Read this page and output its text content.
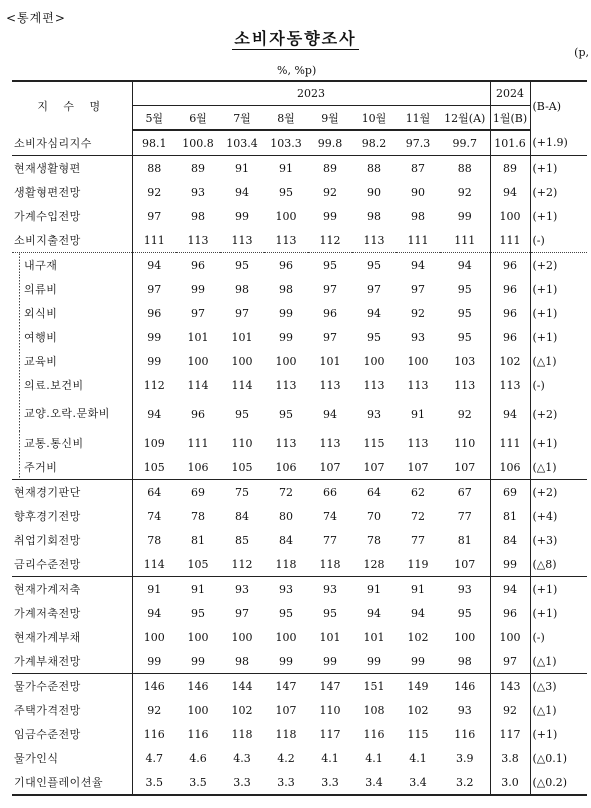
<통계편>
소비자동향조사
(p,
%, %p)
지 수 명	2023								2024	(B-A)
	5월	6월	7월	8월	9월	10월	11월	12월(A)	1월(B)	
소비자심리지수	98.1	100.8	103.4	103.3	99.8	98.2	97.3	99.7	101.6	(+1.9)
현재생활형편	88	89	91	91	89	88	87	88	89	(+1)
생활형편전망	92	93	94	95	92	90	90	92	94	(+2)
가계수입전망	97	98	99	100	99	98	98	99	100	(+1)
소비지출전망	111	113	113	113	112	113	111	111	111	(-)
내구재	94	96	95	96	95	95	94	94	96	(+2)
의류비	97	99	98	98	97	97	97	95	96	(+1)
외식비	96	97	97	99	96	94	92	95	96	(+1)
여행비	99	101	101	99	97	95	93	95	96	(+1)
교육비	99	100	100	100	101	100	100	103	102	(△1)
의료.보건비	112	114	114	113	113	113	113	113	113	(-)
교양.오락.문화비	94	96	95	95	94	93	91	92	94	(+2)
교통.통신비	109	111	110	113	113	115	113	110	111	(+1)
주거비	105	106	105	106	107	107	107	107	106	(△1)
현재경기판단	64	69	75	72	66	64	62	67	69	(+2)
향후경기전망	74	78	84	80	74	70	72	77	81	(+4)
취업기회전망	78	81	85	84	77	78	77	81	84	(+3)
금리수준전망	114	105	112	118	118	128	119	107	99	(△8)
현재가계저축	91	91	93	93	93	91	91	93	94	(+1)
가계저축전망	94	95	97	95	95	94	94	95	96	(+1)
현재가계부채	100	100	100	100	101	101	102	100	100	(-)
가계부채전망	99	99	98	99	99	99	99	98	97	(△1)
물가수준전망	146	146	144	147	147	151	149	146	143	(△3)
주택가격전망	92	100	102	107	110	108	102	93	92	(△1)
임금수준전망	116	116	118	118	117	116	115	116	117	(+1)
물가인식	4.7	4.6	4.3	4.2	4.1	4.1	4.1	3.9	3.8	(△0.1)
기대인플레이션율	3.5	3.5	3.3	3.3	3.3	3.4	3.4	3.2	3.0	(△0.2)
